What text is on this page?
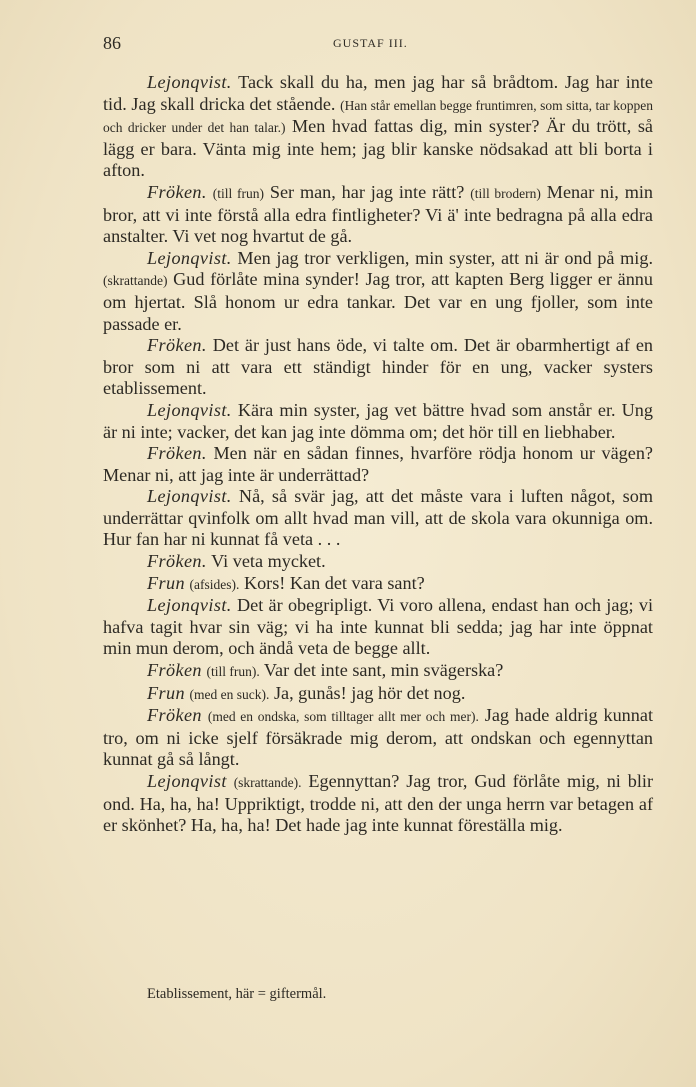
86	GUSTAF III.

Lejonqvist. Tack skall du ha, men jag har så brådtom. Jag har inte tid. Jag skall dricka det stående. (Han står emellan begge fruntimren, som sitta, tar koppen och dricker under det han talar.) Men hvad fattas dig, min syster? Är du trött, så lägg er bara. Vänta mig inte hem; jag blir kanske nödsakad att bli borta i afton.

Fröken. (till frun) Ser man, har jag inte rätt? (till brodern) Menar ni, min bror, att vi inte förstå alla edra fintligheter? Vi ä' inte bedragna på alla edra anstalter. Vi vet nog hvartut de gå.

Lejonqvist. Men jag tror verkligen, min syster, att ni är ond på mig. (skrattande) Gud förlåte mina synder! Jag tror, att kapten Berg ligger er ännu om hjertat. Slå honom ur edra tankar. Det var en ung fjoller, som inte passade er.

Fröken. Det är just hans öde, vi talte om. Det är obarmhertigt af en bror som ni att vara ett ständigt hinder för en ung, vacker systers etablissement.

Lejonqvist. Kära min syster, jag vet bättre hvad som anstår er. Ung är ni inte; vacker, det kan jag inte dömma om; det hör till en liebhaber.

Fröken. Men när en sådan finnes, hvarföre rödja honom ur vägen? Menar ni, att jag inte är underrättad?

Lejonqvist. Nå, så svär jag, att det måste vara i luften något, som underrättar qvinfolk om allt hvad man vill, att de skola vara okunniga om. Hur fan har ni kunnat få veta . . .

Fröken. Vi veta mycket.

Frun (afsides). Kors! Kan det vara sant?

Lejonqvist. Det är obegripligt. Vi voro allena, endast han och jag; vi hafva tagit hvar sin väg; vi ha inte kunnat bli sedda; jag har inte öppnat min mun derom, och ändå veta de begge allt.

Fröken (till frun). Var det inte sant, min svägerska?

Frun (med en suck). Ja, gunås! jag hör det nog.

Fröken (med en ondska, som tilltager allt mer och mer). Jag hade aldrig kunnat tro, om ni icke sjelf försäkrade mig derom, att ondskan och egennyttan kunnat gå så långt.

Lejonqvist (skrattande). Egennyttan? Jag tror, Gud förlåte mig, ni blir ond. Ha, ha, ha! Uppriktigt, trodde ni, att den der unga herrn var betagen af er skönhet? Ha, ha, ha! Det hade jag inte kunnat föreställa mig.

Etablissement, här = giftermål.
